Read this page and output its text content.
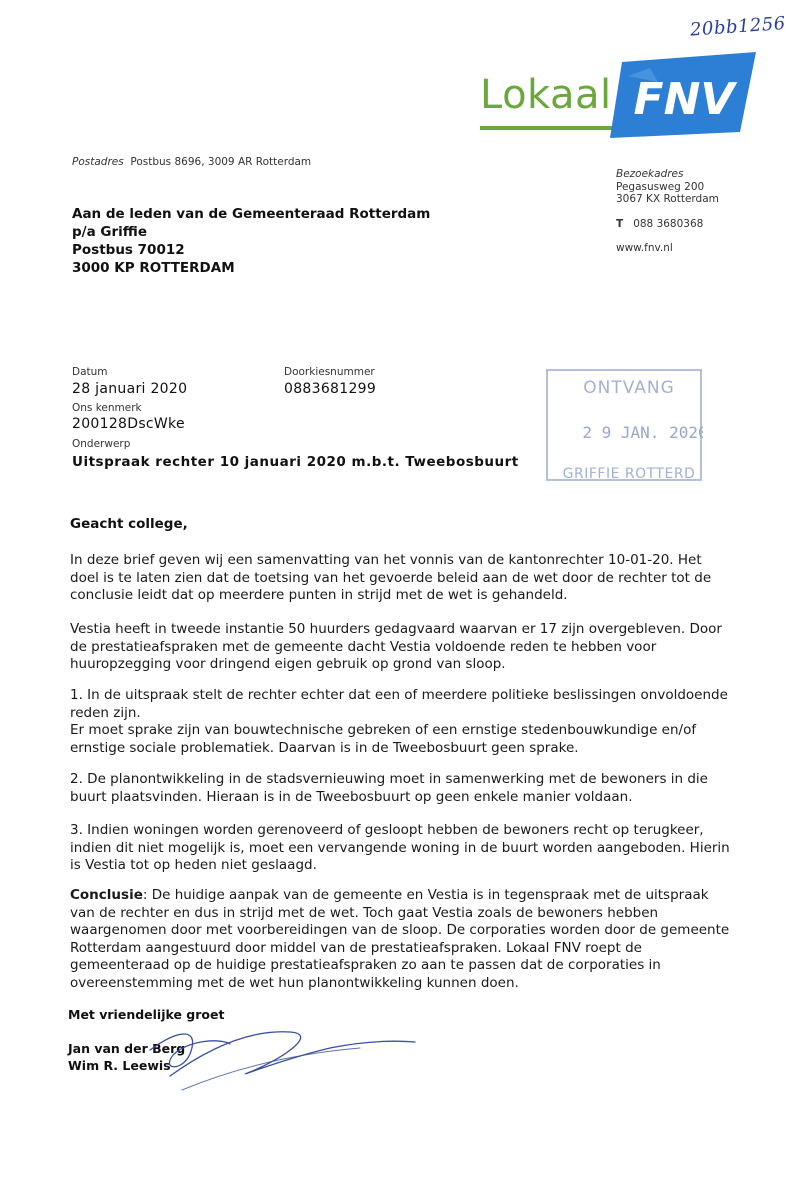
20bb1256
Lokaal FNV
Postadres Postbus 8696, 3009 AR Rotterdam
Aan de leden van de Gemeenteraad Rotterdam
p/a Griffie
Postbus 70012
3000 KP ROTTERDAM
Bezoekadres
Pegasusweg 200
3067 KX Rotterdam
T 088 3680368
www.fnv.nl
Datum
28 januari 2020
Doorkiesnummer
0883681299
Ons kenmerk
200128DscWke
Onderwerp
Uitspraak rechter 10 januari 2020 m.b.t. Tweebosbuurt
ONTVANG
2 9 JAN. 2020
GRIFFIE ROTTERD
Geacht college,

In deze brief geven wij een samenvatting van het vonnis van de kantonrechter 10-01-20. Het doel is te laten zien dat de toetsing van het gevoerde beleid aan de wet door de rechter tot de conclusie leidt dat op meerdere punten in strijd met de wet is gehandeld.

Vestia heeft in tweede instantie 50 huurders gedagvaard waarvan er 17 zijn overgebleven. Door de prestatieafspraken met de gemeente dacht Vestia voldoende reden te hebben voor huuropzegging voor dringend eigen gebruik op grond van sloop.

1. In de uitspraak stelt de rechter echter dat een of meerdere politieke beslissingen onvoldoende reden zijn.

Er moet sprake zijn van bouwtechnische gebreken of een ernstige stedenbouwkundige en/of ernstige sociale problematiek. Daarvan is in de Tweebosbuurt geen sprake.

2. De planontwikkeling in de stadsvernieuwing moet in samenwerking met de bewoners in die buurt plaatsvinden. Hieraan is in de Tweebosbuurt op geen enkele manier voldaan.

3. Indien woningen worden gerenoveerd of gesloopt hebben de bewoners recht op terugkeer, indien dit niet mogelijk is, moet een vervangende woning in de buurt worden aangeboden. Hierin is Vestia tot op heden niet geslaagd.

Conclusie: De huidige aanpak van de gemeente en Vestia is in tegenspraak met de uitspraak van de rechter en dus in strijd met de wet. Toch gaat Vestia zoals de bewoners hebben waargenomen door met voorbereidingen van de sloop. De corporaties worden door de gemeente Rotterdam aangestuurd door middel van de prestatieafspraken. Lokaal FNV roept de gemeenteraad op de huidige prestatieafspraken zo aan te passen dat de corporaties in overeenstemming met de wet hun planontwikkeling kunnen doen.

Met vriendelijke groet
Jan van der Berg
Wim R. Leewis
